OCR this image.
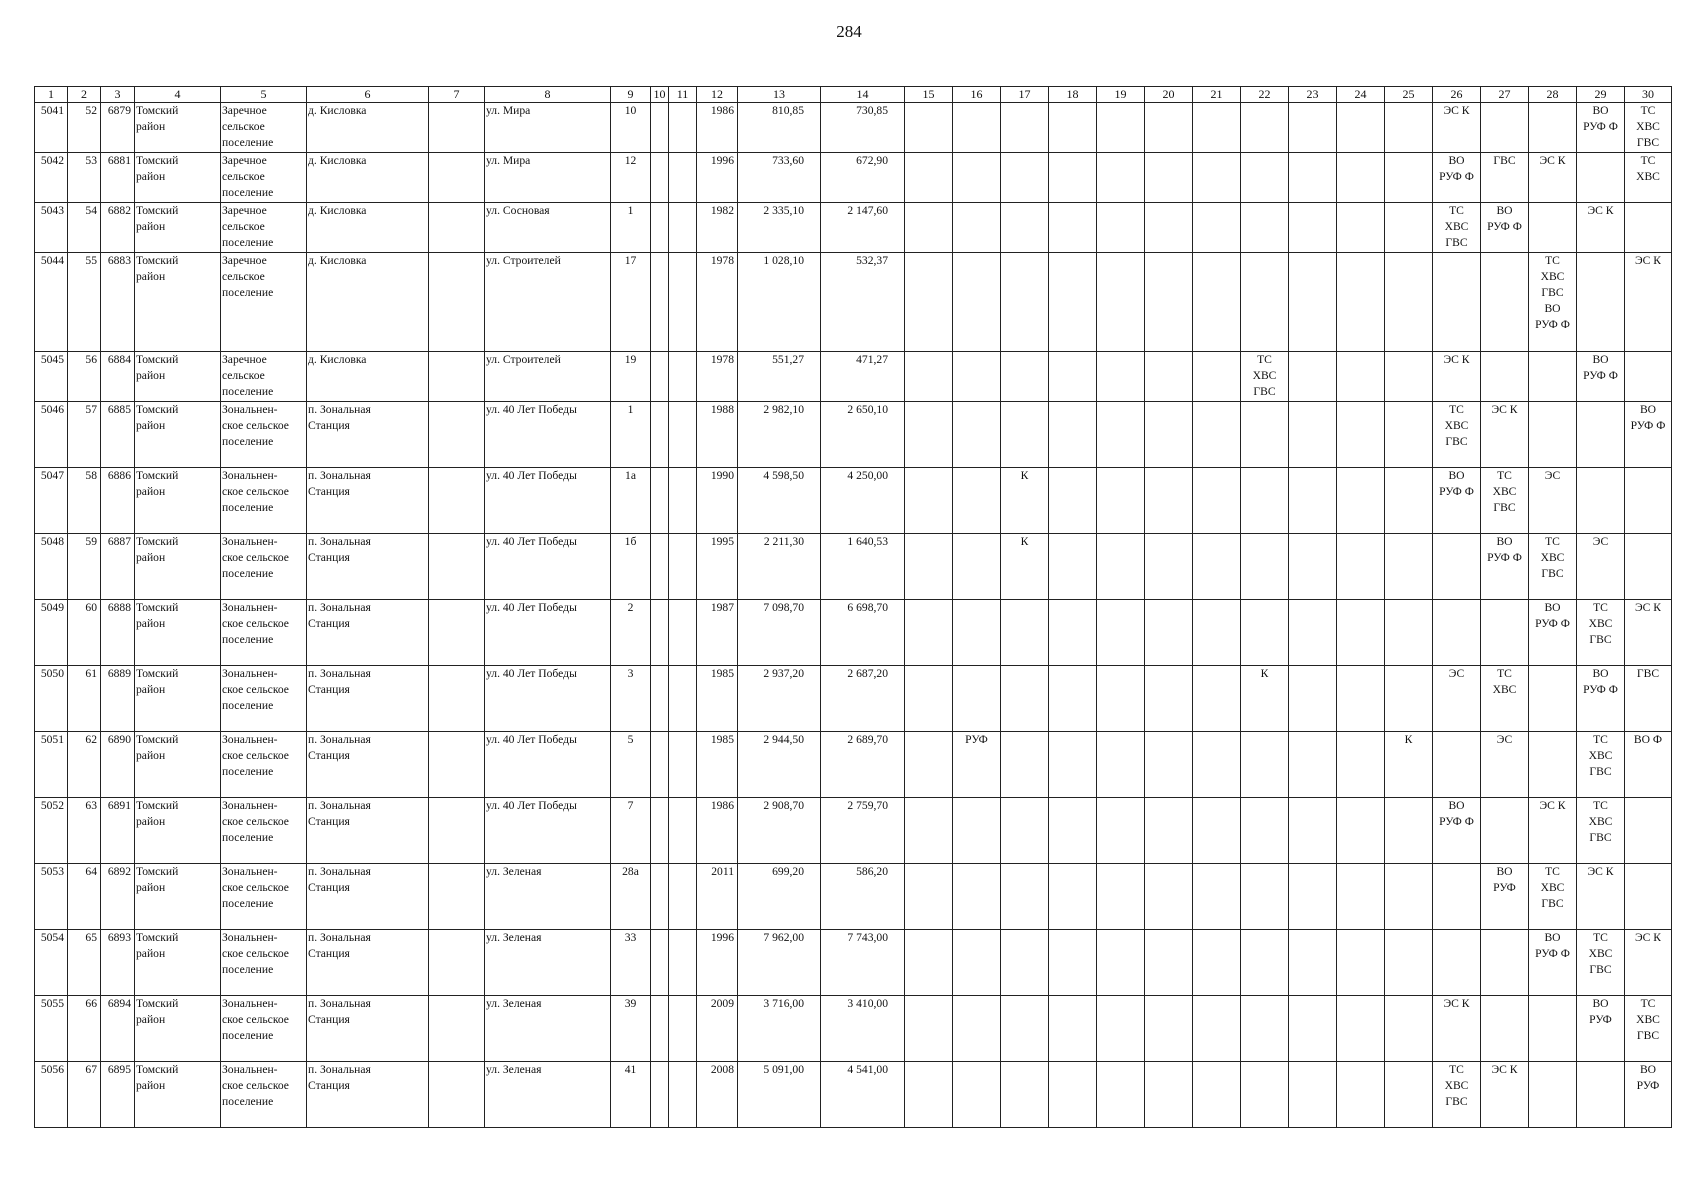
284
1	2	3	4	5	6	7	8	9	10	11	12	13	14	15	16	17	18	19	20	21	22	23	24	25	26	27	28	29	30
5041	52	6879	Томский
район	Заречное
сельское
поселение	д. Кисловка		ул. Мира	10			1986	810,85	730,85												ЭС К			ВО
РУФ Ф	ТС
ХВС
ГВС
5042	53	6881	Томский
район	Заречное
сельское
поселение	д. Кисловка		ул. Мира	12			1996	733,60	672,90												ВО
РУФ Ф	ГВС	ЭС К		ТС
ХВС
5043	54	6882	Томский
район	Заречное
сельское
поселение	д. Кисловка		ул. Сосновая	1			1982	2 335,10	2 147,60												ТС
ХВС
ГВС	ВО
РУФ Ф		ЭС К	
5044	55	6883	Томский
район	Заречное
сельское
поселение	д. Кисловка		ул. Строителей	17			1978	1 028,10	532,37														ТС
ХВС
ГВС
ВО
РУФ Ф		ЭС К
5045	56	6884	Томский
район	Заречное
сельское
поселение	д. Кисловка		ул. Строителей	19			1978	551,27	471,27								ТС
ХВС
ГВС				ЭС К			ВО
РУФ Ф	
5046	57	6885	Томский
район	Зональнен-
ское сельское
поселение	п. Зональная
Станция		ул. 40 Лет Победы	1			1988	2 982,10	2 650,10												ТС
ХВС
ГВС	ЭС К			ВО
РУФ Ф
5047	58	6886	Томский
район	Зональнен-
ское сельское
поселение	п. Зональная
Станция		ул. 40 Лет Победы	1а			1990	4 598,50	4 250,00			К									ВО
РУФ Ф	ТС
ХВС
ГВС	ЭС		
5048	59	6887	Томский
район	Зональнен-
ское сельское
поселение	п. Зональная
Станция		ул. 40 Лет Победы	1б			1995	2 211,30	1 640,53			К										ВО
РУФ Ф	ТС
ХВС
ГВС	ЭС	
5049	60	6888	Томский
район	Зональнен-
ское сельское
поселение	п. Зональная
Станция		ул. 40 Лет Победы	2			1987	7 098,70	6 698,70														ВО
РУФ Ф	ТС
ХВС
ГВС	ЭС К
5050	61	6889	Томский
район	Зональнен-
ское сельское
поселение	п. Зональная
Станция		ул. 40 Лет Победы	3			1985	2 937,20	2 687,20								К				ЭС	ТС
ХВС		ВО
РУФ Ф	ГВС
5051	62	6890	Томский
район	Зональнен-
ское сельское
поселение	п. Зональная
Станция		ул. 40 Лет Победы	5			1985	2 944,50	2 689,70		РУФ									К		ЭС		ТС
ХВС
ГВС	ВО Ф
5052	63	6891	Томский
район	Зональнен-
ское сельское
поселение	п. Зональная
Станция		ул. 40 Лет Победы	7			1986	2 908,70	2 759,70												ВО
РУФ Ф		ЭС К	ТС
ХВС
ГВС	
5053	64	6892	Томский
район	Зональнен-
ское сельское
поселение	п. Зональная
Станция		ул. Зеленая	28а			2011	699,20	586,20													ВО
РУФ	ТС
ХВС
ГВС	ЭС К	
5054	65	6893	Томский
район	Зональнен-
ское сельское
поселение	п. Зональная
Станция		ул. Зеленая	33			1996	7 962,00	7 743,00														ВО
РУФ Ф	ТС
ХВС
ГВС	ЭС К
5055	66	6894	Томский
район	Зональнен-
ское сельское
поселение	п. Зональная
Станция		ул. Зеленая	39			2009	3 716,00	3 410,00												ЭС К			ВО
РУФ	ТС
ХВС
ГВС
5056	67	6895	Томский
район	Зональнен-
ское сельское
поселение	п. Зональная
Станция		ул. Зеленая	41			2008	5 091,00	4 541,00												ТС
ХВС
ГВС	ЭС К			ВО
РУФ
